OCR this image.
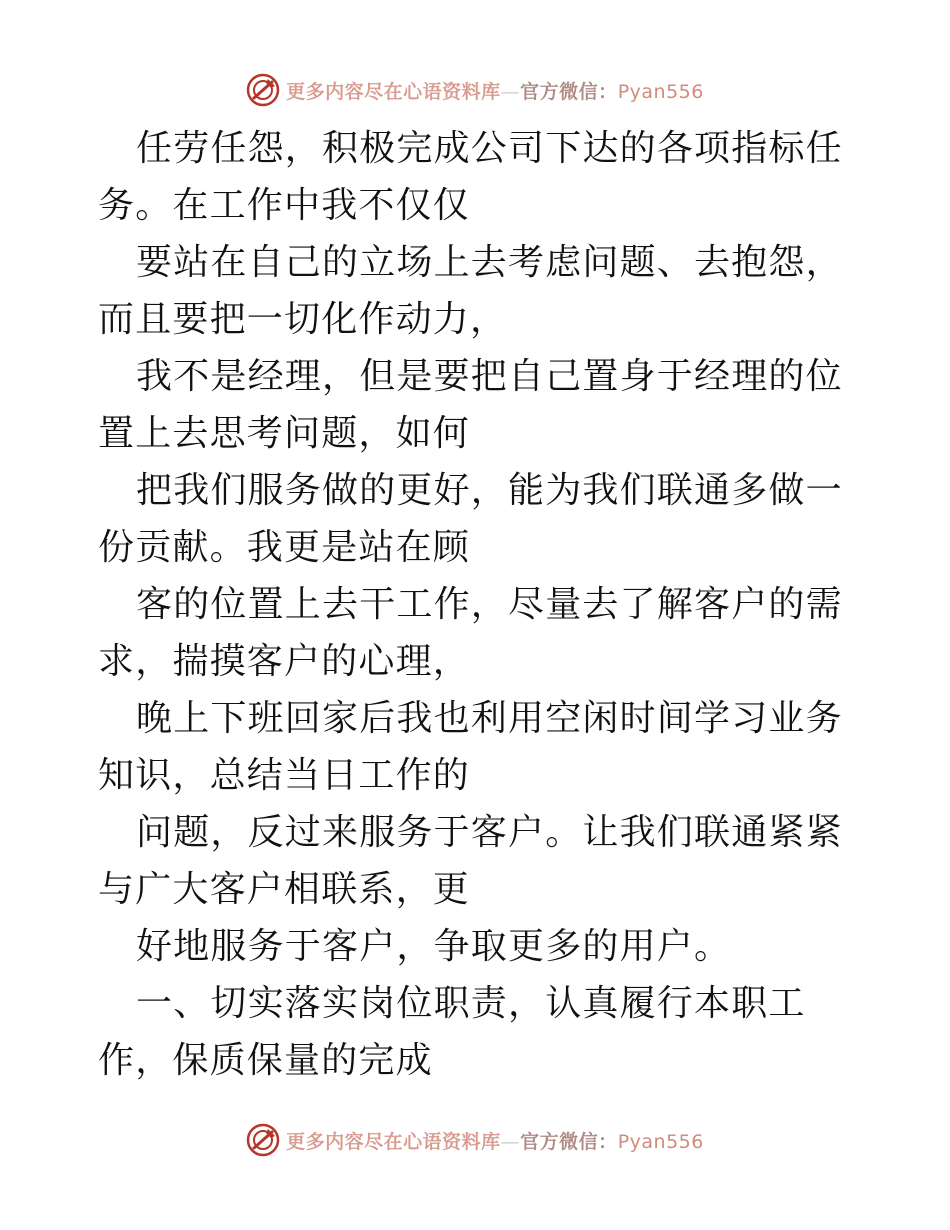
更多内容尽在心语资料库—官方微信：Pyan556

任劳任怨，积极完成公司下达的各项指标任务。在工作中我不仅仅

要站在自己的立场上去考虑问题、去抱怨，而且要把一切化作动力，

我不是经理，但是要把自己置身于经理的位置上去思考问题，如何

把我们服务做的更好，能为我们联通多做一份贡献。我更是站在顾

客的位置上去干工作，尽量去了解客户的需求，揣摸客户的心理，

晚上下班回家后我也利用空闲时间学习业务知识，总结当日工作的

问题，反过来服务于客户。让我们联通紧紧与广大客户相联系，更

好地服务于客户，争取更多的用户。

一、切实落实岗位职责，认真履行本职工作，保质保量的完成

更多内容尽在心语资料库—官方微信：Pyan556
